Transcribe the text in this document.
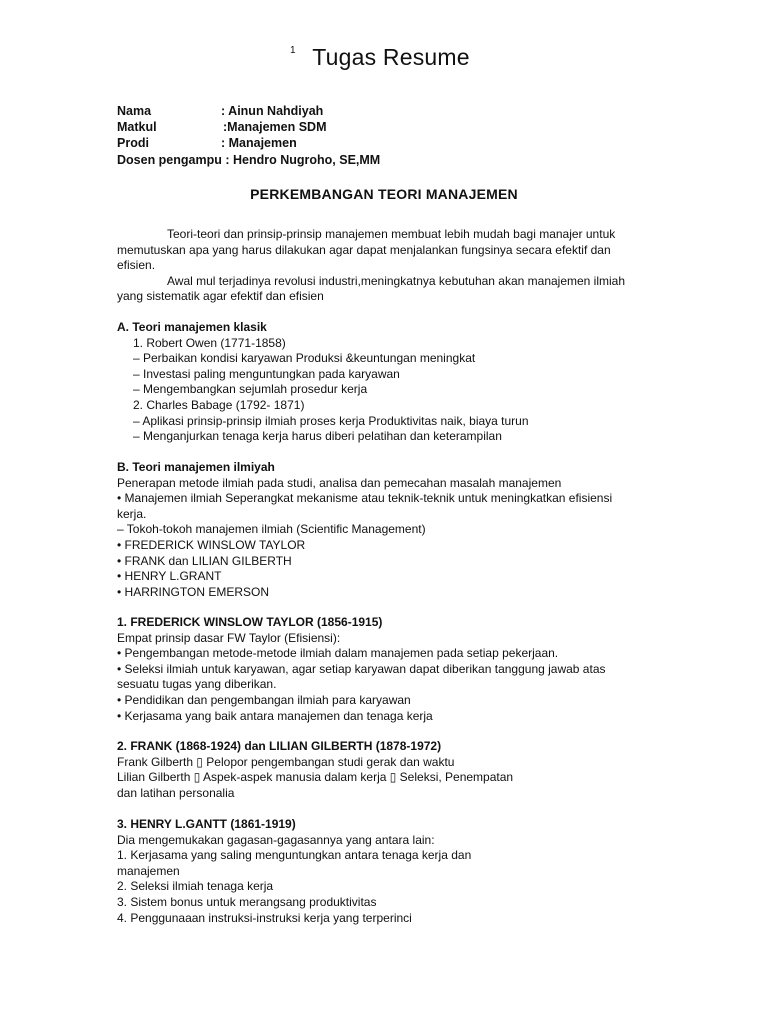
Tugas Resume
1
Nama	: Ainun Nahdiyah
Matkul	:Manajemen SDM
Prodi	: Manajemen
Dosen pengampu : Hendro Nugroho, SE,MM	
PERKEMBANGAN TEORI MANAJEMEN

Teori-teori dan prinsip-prinsip manajemen membuat lebih mudah bagi manajer untuk

memutuskan apa yang harus dilakukan agar dapat menjalankan fungsinya secara efektif dan

efisien.

Awal mul terjadinya revolusi industri,meningkatnya kebutuhan akan manajemen ilmiah

yang sistematik agar efektif dan efisien

A. Teori manajemen klasik

1. Robert Owen (1771-1858)

– Perbaikan kondisi karyawan Produksi &keuntungan meningkat

– Investasi paling menguntungkan pada karyawan

– Mengembangkan sejumlah prosedur kerja

2. Charles Babage (1792- 1871)

– Aplikasi prinsip-prinsip ilmiah proses kerja Produktivitas naik, biaya turun

– Menganjurkan tenaga kerja harus diberi pelatihan dan keterampilan

B. Teori manajemen ilmiyah

Penerapan metode ilmiah pada studi, analisa dan pemecahan masalah manajemen

• Manajemen ilmiah Seperangkat mekanisme atau teknik-teknik untuk meningkatkan efisiensi

kerja.

– Tokoh-tokoh manajemen ilmiah (Scientific Management)

• FREDERICK WINSLOW TAYLOR

• FRANK dan LILIAN GILBERTH

• HENRY L.GRANT

• HARRINGTON EMERSON

1. FREDERICK WINSLOW TAYLOR (1856-1915)

Empat prinsip dasar FW Taylor (Efisiensi):

• Pengembangan metode-metode ilmiah dalam manajemen pada setiap pekerjaan.

• Seleksi ilmiah untuk karyawan, agar setiap karyawan dapat diberikan tanggung jawab atas

sesuatu tugas yang diberikan.

• Pendidikan dan pengembangan ilmiah para karyawan

• Kerjasama yang baik antara manajemen dan tenaga kerja

2. FRANK (1868-1924) dan LILIAN GILBERTH (1878-1972)

Frank Gilberth ▯ Pelopor pengembangan studi gerak dan waktu

Lilian Gilberth ▯ Aspek-aspek manusia dalam kerja ▯ Seleksi, Penempatan

dan latihan personalia

3. HENRY L.GANTT (1861-1919)

Dia mengemukakan gagasan-gagasannya yang antara lain:

1. Kerjasama yang saling menguntungkan antara tenaga kerja dan

manajemen

2. Seleksi ilmiah tenaga kerja

3. Sistem bonus untuk merangsang produktivitas

4. Penggunaaan instruksi-instruksi kerja yang terperinci
